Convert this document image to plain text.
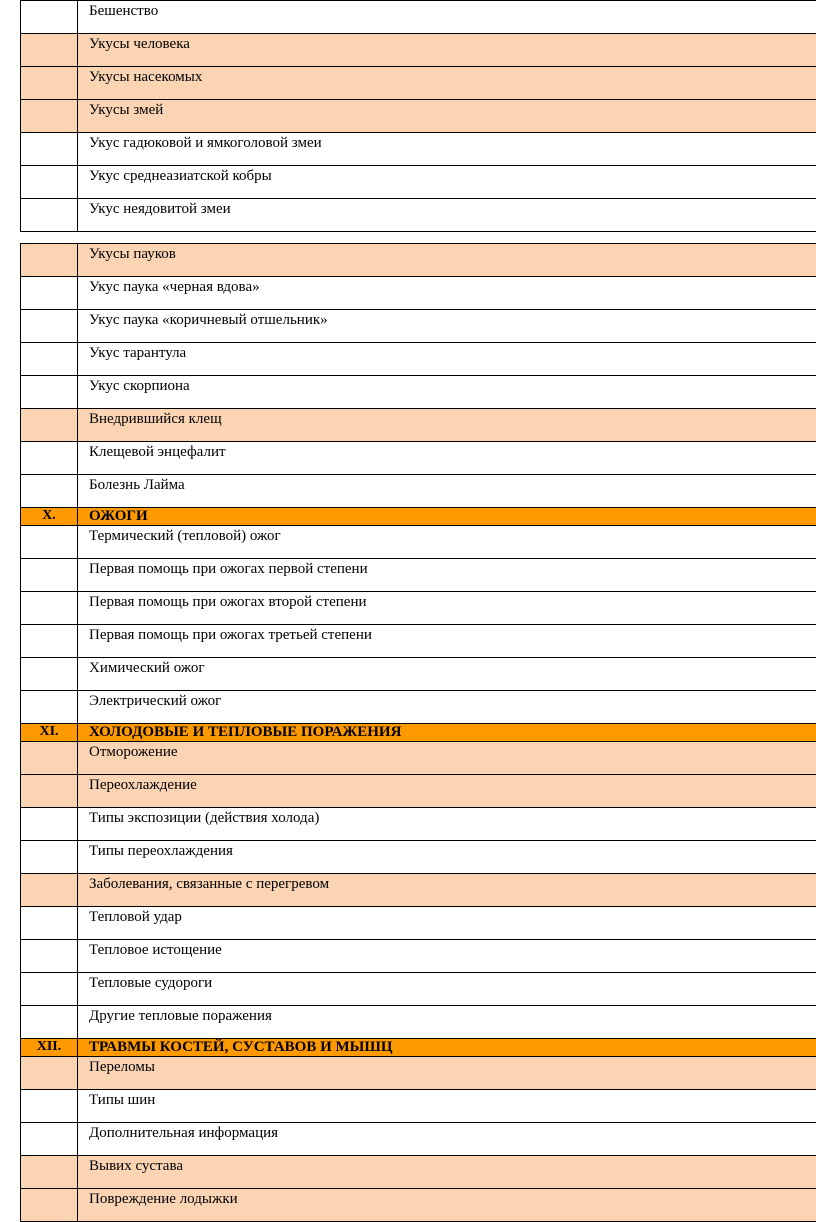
	Бешенство	
	Укусы человека	
	Укусы насекомых	
	Укусы змей	
	Укус гадюковой и ямкоголовой змеи	
	Укус среднеазиатской кобры	
	Укус неядовитой змеи	
	Укусы пауков	
	Укус паука «черная вдова»	
	Укус паука «коричневый отшельник»	
	Укус тарантула	
	Укус скорпиона	
	Внедрившийся клещ	
	Клещевой энцефалит	
	Болезнь Лайма	
X.	ОЖОГИ	
	Термический (тепловой) ожог	
	Первая помощь при ожогах первой степени	
	Первая помощь при ожогах второй степени	
	Первая помощь при ожогах третьей степени	
	Химический ожог	
	Электрический ожог	
XI.	ХОЛОДОВЫЕ И ТЕПЛОВЫЕ ПОРАЖЕНИЯ	
	Отморожение	
	Переохлаждение	
	Типы экспозиции (действия холода)	
	Типы переохлаждения	
	Заболевания, связанные с перегревом	
	Тепловой удар	
	Тепловое истощение	
	Тепловые судороги	
	Другие тепловые поражения	
XII.	ТРАВМЫ КОСТЕЙ, СУСТАВОВ И МЫШЦ	
	Переломы	
	Типы шин	
	Дополнительная информация	
	Вывих сустава	
	Повреждение лодыжки	
